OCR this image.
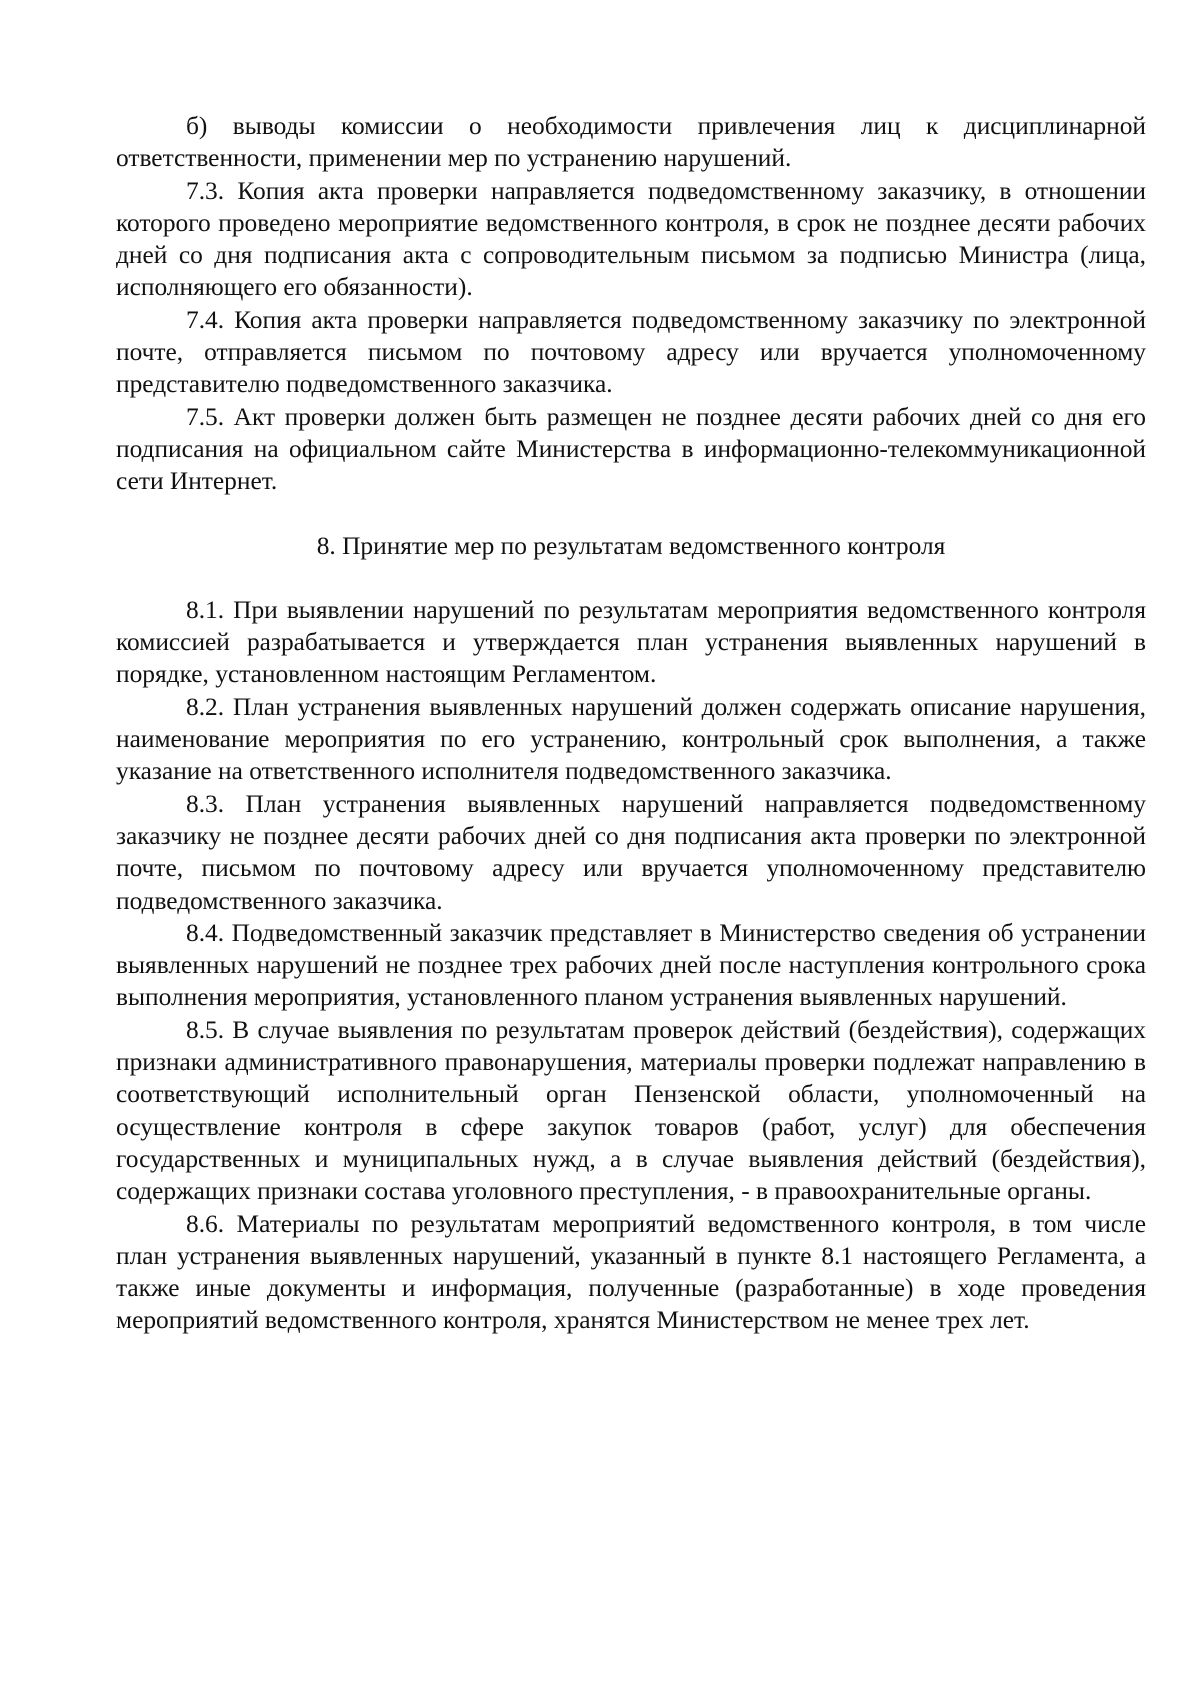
б) выводы комиссии о необходимости привлечения лиц к дисциплинарной ответственности, применении мер по устранению нарушений.

7.3. Копия акта проверки направляется подведомственному заказчику, в отношении которого проведено мероприятие ведомственного контроля, в срок не позднее десяти рабочих дней со дня подписания акта с сопроводительным письмом за подписью Министра (лица, исполняющего его обязанности).

7.4. Копия акта проверки направляется подведомственному заказчику по электронной почте, отправляется письмом по почтовому адресу или вручается уполномоченному представителю подведомственного заказчика.

7.5. Акт проверки должен быть размещен не позднее десяти рабочих дней со дня его подписания на официальном сайте Министерства в информационно-телекоммуникационной сети Интернет.

8. Принятие мер по результатам ведомственного контроля

8.1. При выявлении нарушений по результатам мероприятия ведомственного контроля комиссией разрабатывается и утверждается план устранения выявленных нарушений в порядке, установленном настоящим Регламентом.

8.2. План устранения выявленных нарушений должен содержать описание нарушения, наименование мероприятия по его устранению, контрольный срок выполнения, а также указание на ответственного исполнителя подведомственного заказчика.

8.3. План устранения выявленных нарушений направляется подведомственному заказчику не позднее десяти рабочих дней со дня подписания акта проверки по электронной почте, письмом по почтовому адресу или вручается уполномоченному представителю подведомственного заказчика.

8.4. Подведомственный заказчик представляет в Министерство сведения об устранении выявленных нарушений не позднее трех рабочих дней после наступления контрольного срока выполнения мероприятия, установленного планом устранения выявленных нарушений.

8.5. В случае выявления по результатам проверок действий (бездействия), содержащих признаки административного правонарушения, материалы проверки подлежат направлению в соответствующий исполнительный орган Пензенской области, уполномоченный на осуществление контроля в сфере закупок товаров (работ, услуг) для обеспечения государственных и муниципальных нужд, а в случае выявления действий (бездействия), содержащих признаки состава уголовного преступления, - в правоохранительные органы.

8.6. Материалы по результатам мероприятий ведомственного контроля, в том числе план устранения выявленных нарушений, указанный в пункте 8.1 настоящего Регламента, а также иные документы и информация, полученные (разработанные) в ходе проведения мероприятий ведомственного контроля, хранятся Министерством не менее трех лет.
